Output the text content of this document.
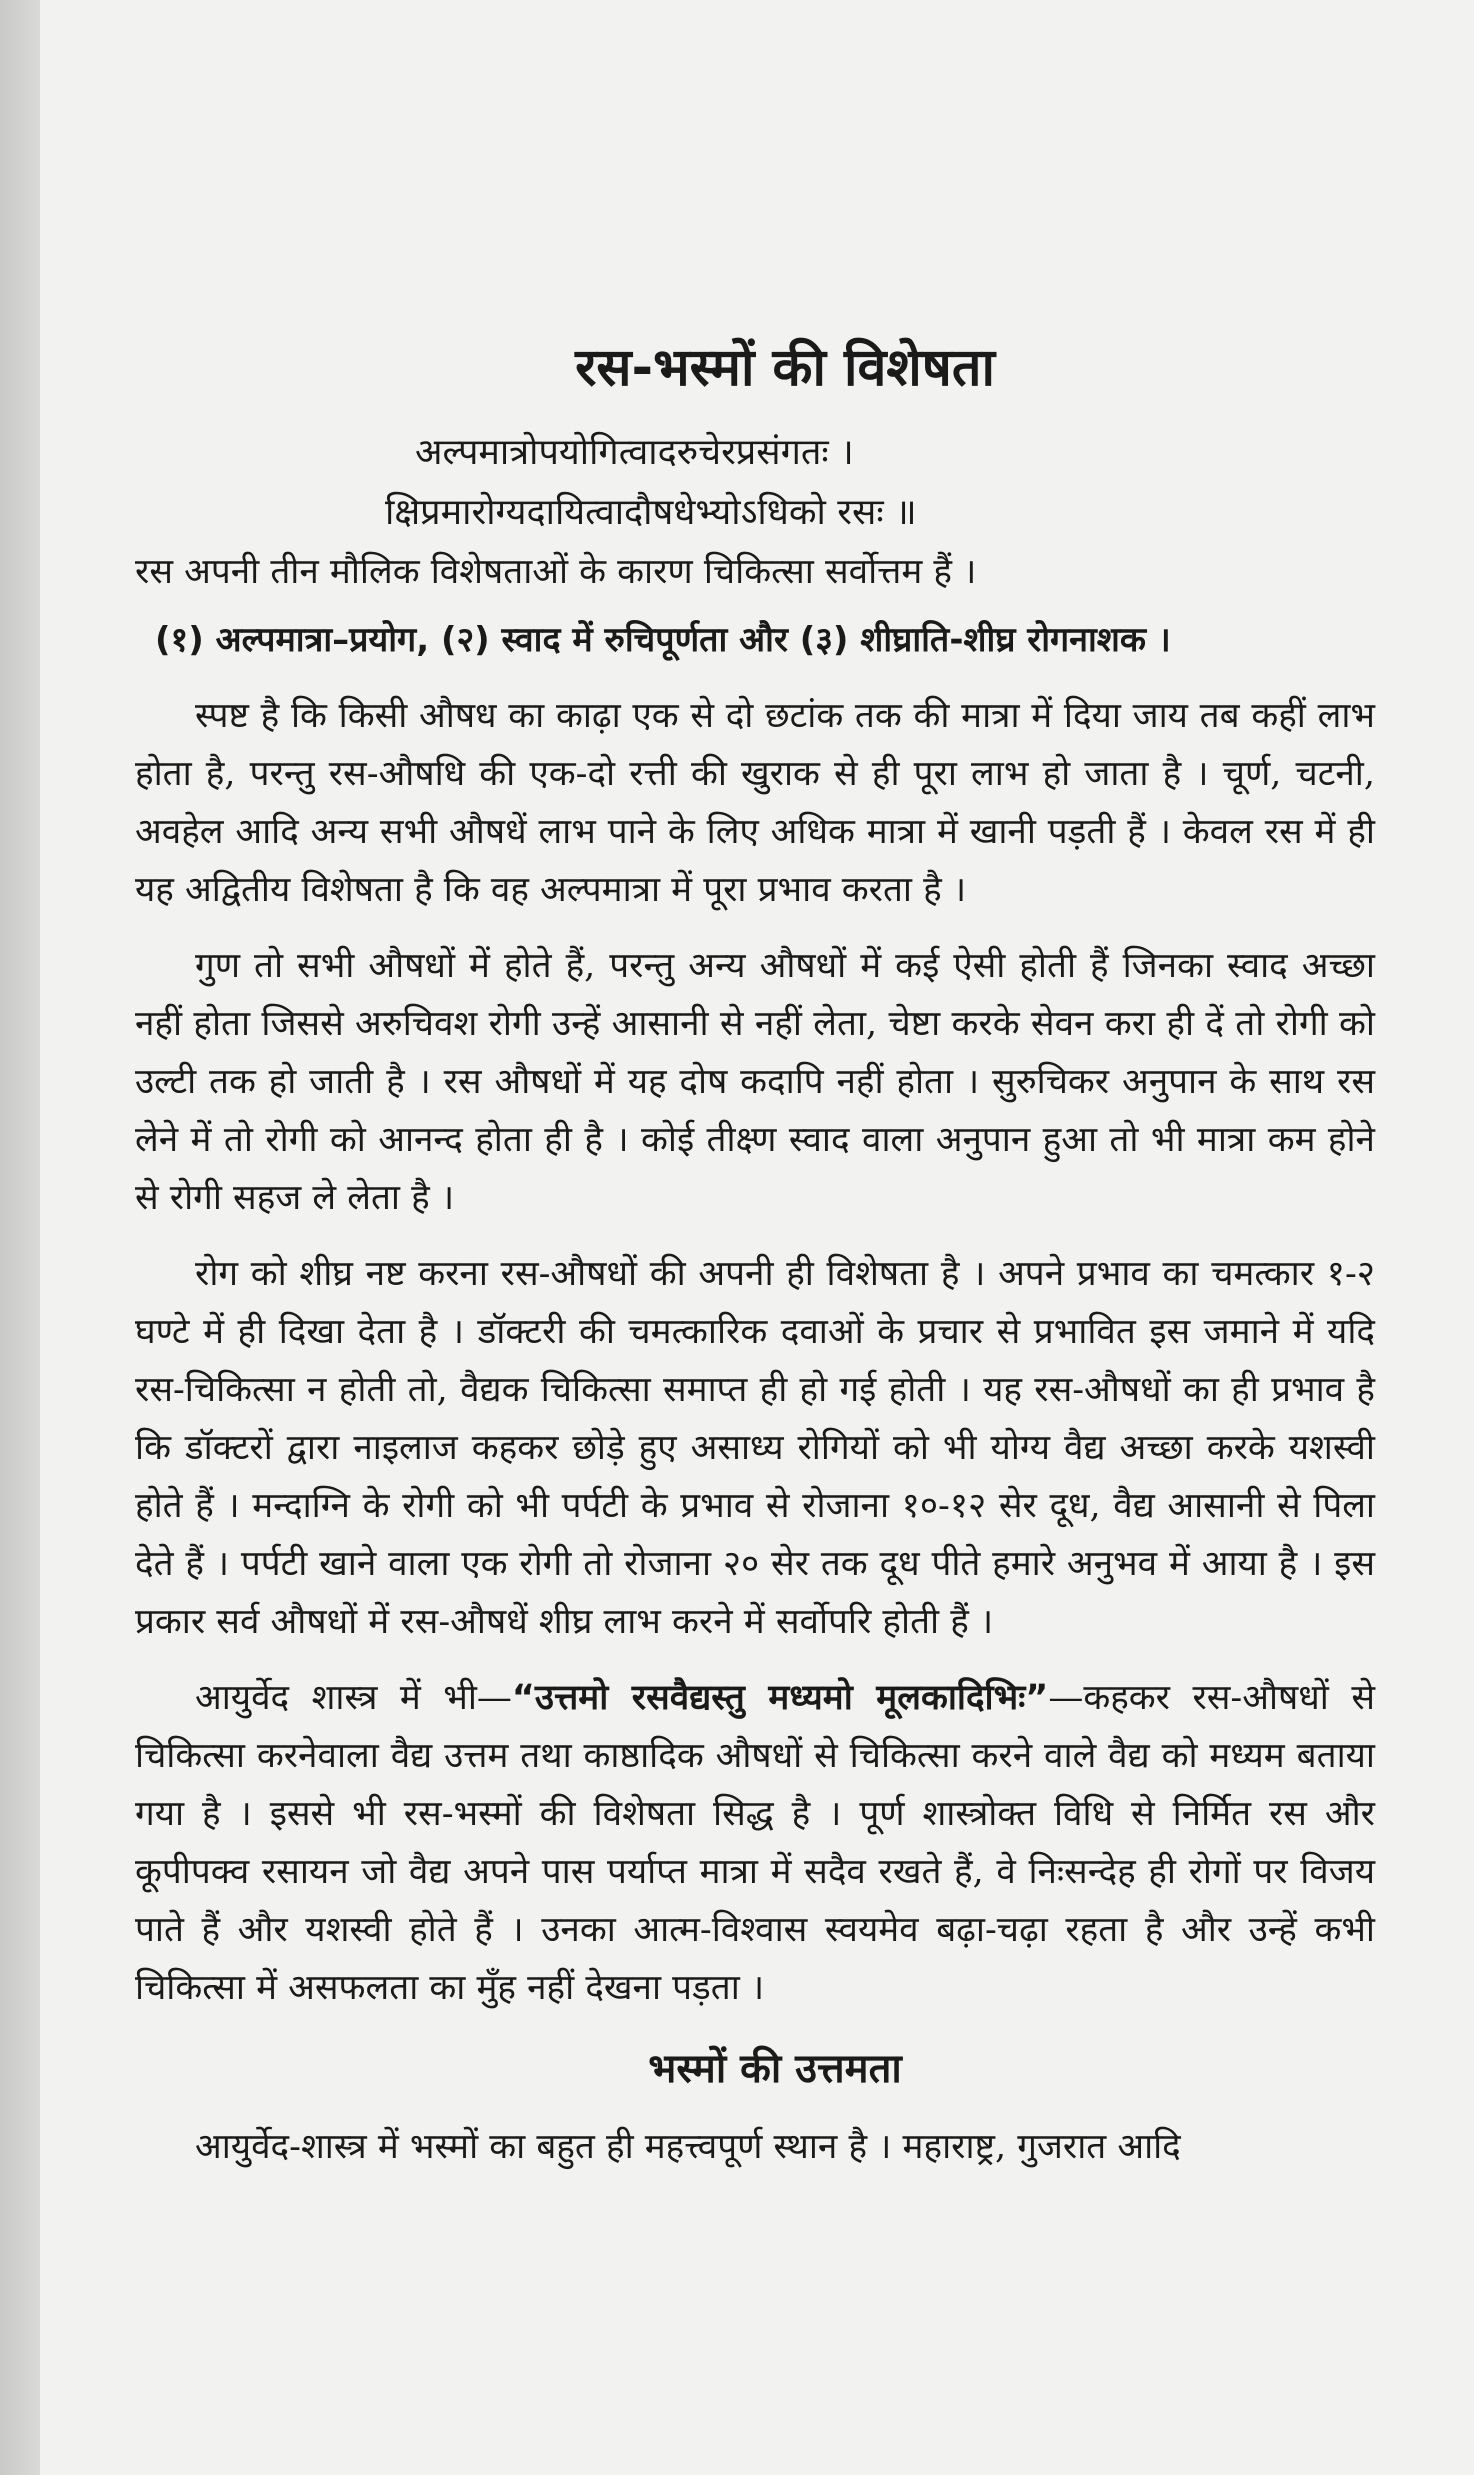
रस-भस्मों की विशेषता

अल्पमात्रोपयोगित्वादरुचेरप्रसंगतः ।

क्षिप्रमारोग्यदायित्वादौषधेभ्योऽधिको रसः ॥

रस अपनी तीन मौलिक विशेषताओं के कारण चिकित्सा सर्वोत्तम हैं ।

(१) अल्पमात्रा–प्रयोग, (२) स्वाद में रुचिपूर्णता और (३) शीघ्राति-शीघ्र रोगनाशक ।

स्पष्ट है कि किसी औषध का काढ़ा एक से दो छटांक तक की मात्रा में दिया जाय तब कहीं लाभ होता है, परन्तु रस-औषधि की एक-दो रत्ती की खुराक से ही पूरा लाभ हो जाता है । चूर्ण, चटनी, अवहेल आदि अन्य सभी औषधें लाभ पाने के लिए अधिक मात्रा में खानी पड़ती हैं । केवल रस में ही यह अद्वितीय विशेषता है कि वह अल्पमात्रा में पूरा प्रभाव करता है ।

गुण तो सभी औषधों में होते हैं, परन्तु अन्य औषधों में कई ऐसी होती हैं जिनका स्वाद अच्छा नहीं होता जिससे अरुचिवश रोगी उन्हें आसानी से नहीं लेता, चेष्टा करके सेवन करा ही दें तो रोगी को उल्टी तक हो जाती है । रस औषधों में यह दोष कदापि नहीं होता । सुरुचिकर अनुपान के साथ रस लेने में तो रोगी को आनन्द होता ही है । कोई तीक्ष्ण स्वाद वाला अनुपान हुआ तो भी मात्रा कम होने से रोगी सहज ले लेता है ।

रोग को शीघ्र नष्ट करना रस-औषधों की अपनी ही विशेषता है । अपने प्रभाव का चमत्कार १-२ घण्टे में ही दिखा देता है । डॉक्टरी की चमत्कारिक दवाओं के प्रचार से प्रभावित इस जमाने में यदि रस-चिकित्सा न होती तो, वैद्यक चिकित्सा समाप्त ही हो गई होती । यह रस-औषधों का ही प्रभाव है कि डॉक्टरों द्वारा नाइलाज कहकर छोड़े हुए असाध्य रोगियों को भी योग्य वैद्य अच्छा करके यशस्वी होते हैं । मन्दाग्नि के रोगी को भी पर्पटी के प्रभाव से रोजाना १०-१२ सेर दूध, वैद्य आसानी से पिला देते हैं । पर्पटी खाने वाला एक रोगी तो रोजाना २० सेर तक दूध पीते हमारे अनुभव में आया है । इस प्रकार सर्व औषधों में रस-औषधें शीघ्र लाभ करने में सर्वोपरि होती हैं ।

आयुर्वेद शास्त्र में भी—“उत्तमो रसवैद्यस्तु मध्यमो मूलकादिभिः”—कहकर रस-औषधों से चिकित्सा करनेवाला वैद्य उत्तम तथा काष्ठादिक औषधों से चिकित्सा करने वाले वैद्य को मध्यम बताया गया है । इससे भी रस-भस्मों की विशेषता सिद्ध है । पूर्ण शास्त्रोक्त विधि से निर्मित रस और कूपीपक्व रसायन जो वैद्य अपने पास पर्याप्त मात्रा में सदैव रखते हैं, वे निःसन्देह ही रोगों पर विजय पाते हैं और यशस्वी होते हैं । उनका आत्म-विश्वास स्वयमेव बढ़ा-चढ़ा रहता है और उन्हें कभी चिकित्सा में असफलता का मुँह नहीं देखना पड़ता ।

भस्मों की उत्तमता

आयुर्वेद-शास्त्र में भस्मों का बहुत ही महत्त्वपूर्ण स्थान है । महाराष्ट्र, गुजरात आदि
